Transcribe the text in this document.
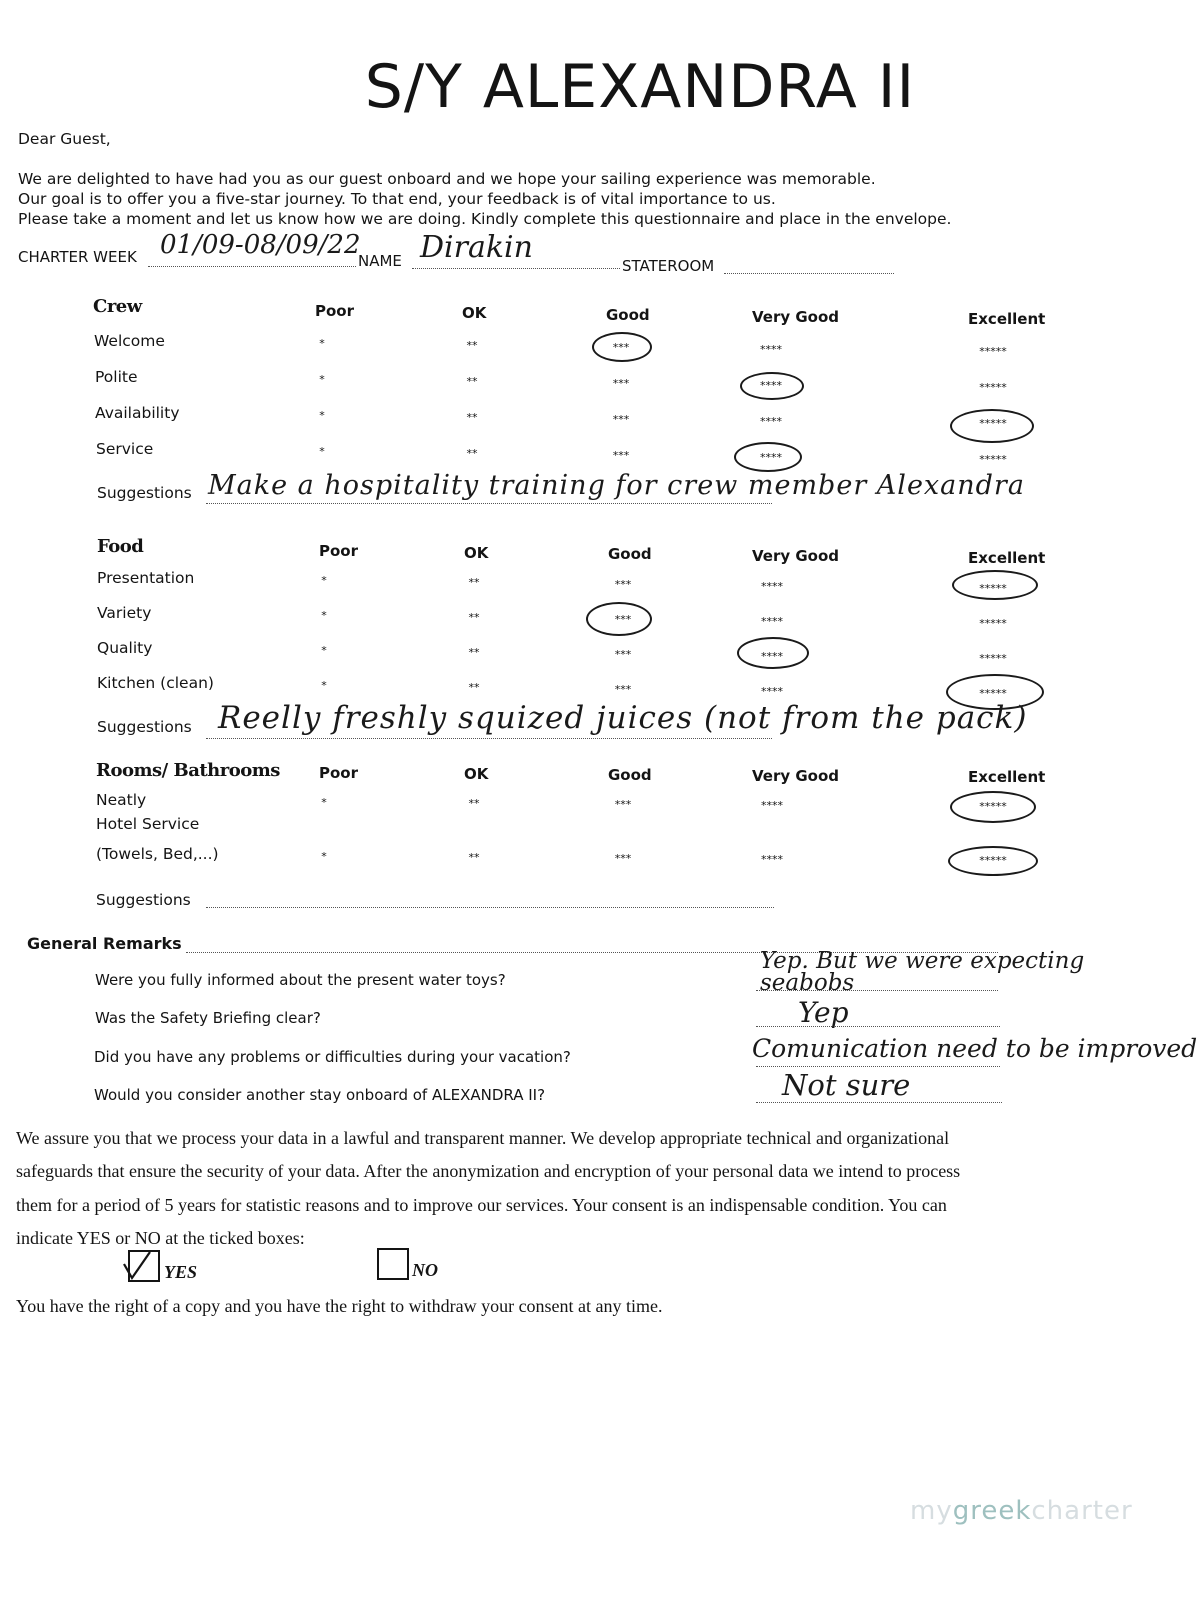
S/Y ALEXANDRA II
Dear Guest,
We are delighted to have had you as our guest onboard and we hope your sailing experience was memorable.
Our goal is to offer you a five-star journey. To that end, your feedback is of vital importance to us.
Please take a moment and let us know how we are doing. Kindly complete this questionnaire and place in the envelope.
CHARTER WEEK 01/09-08/09/22
NAME Dirakin
STATEROOM
Crew	Poor	OK	Good	Very Good	Excellent
Welcome	*	**	***	****	*****
Polite	*	**	***	****	*****
Availability	*	**	***	****	*****
Service	*	**	***	****	*****
Suggestions Make a hospitality training for crew member Alexandra
Food	Poor	OK	Good	Very Good	Excellent
Presentation	*	**	***	****	*****
Variety	*	**	***	****	*****
Quality	*	**	***	****	*****
Kitchen (clean)	*	**	***	****	*****
Suggestions Reelly freshly squized juices (not from the pack)
Rooms/ Bathrooms	Poor	OK	Good	Very Good	Excellent
Neatly	*	**	***	****	*****
Hotel Service
(Towels, Bed,...)	*	**	***	****	*****
Suggestions
General Remarks
Were you fully informed about the present water toys?
Yep. But we were expecting seabobs
Was the Safety Briefing clear?	Yep
Did you have any problems or difficulties during your vacation?	Comunication need to be improved
Would you consider another stay onboard of ALEXANDRA II?	Not sure
We assure you that we process your data in a lawful and transparent manner. We develop appropriate technical and organizational
safeguards that ensure the security of your data. After the anonymization and encryption of your personal data we intend to process
them for a period of 5 years for statistic reasons and to improve our services. Your consent is an indispensable condition. You can
indicate YES or NO at the ticked boxes:
YES	NO
You have the right of a copy and you have the right to withdraw your consent at any time.
mygreekcharter
